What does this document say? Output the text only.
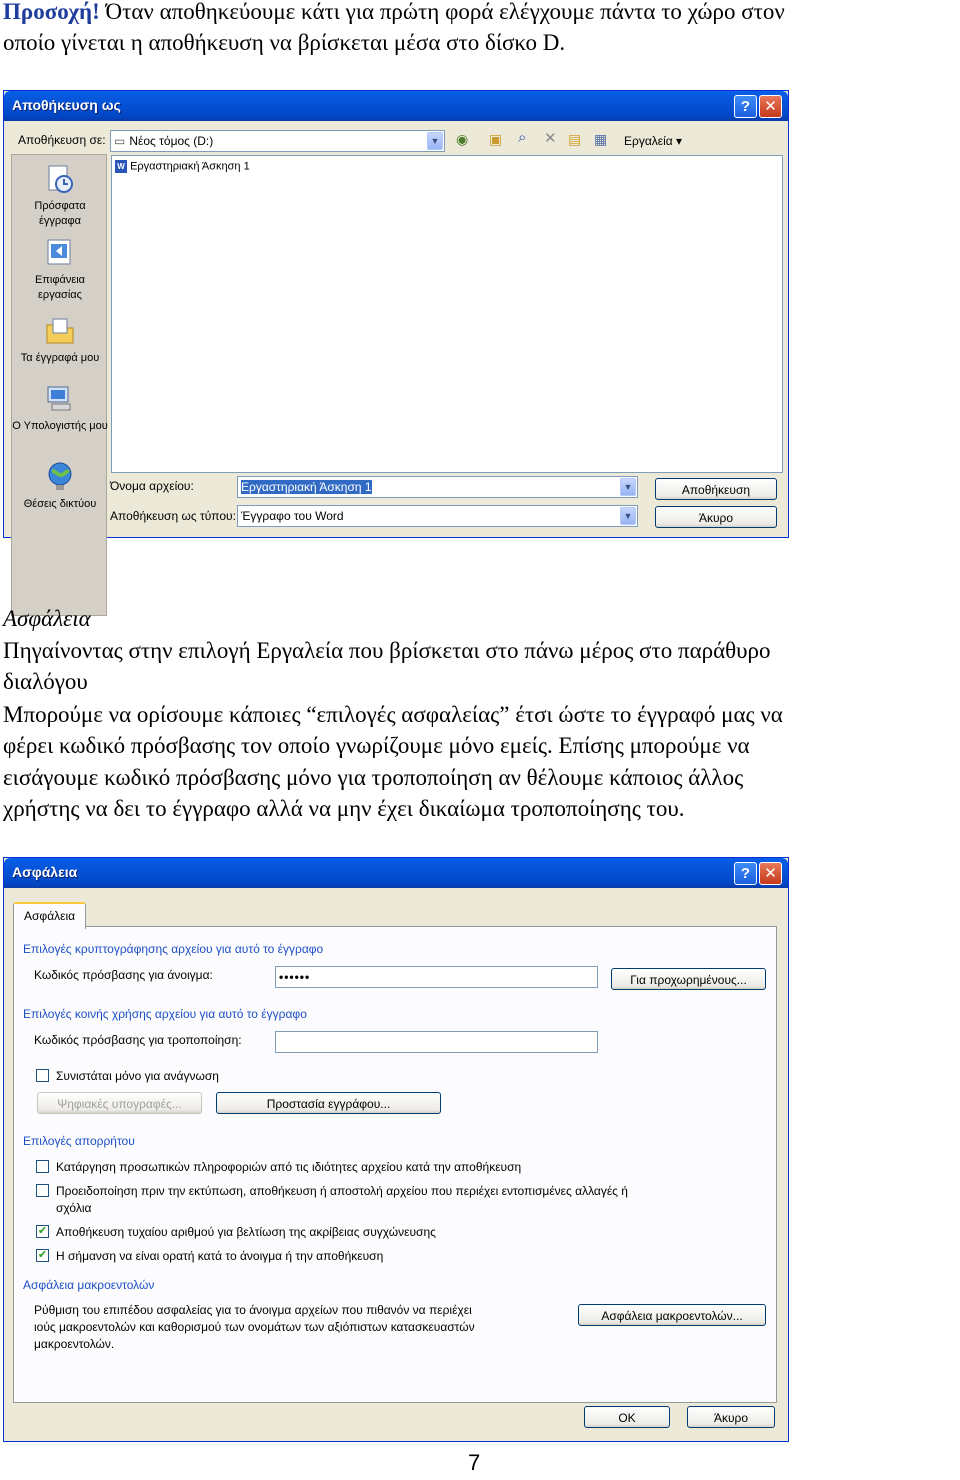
Προσοχή! Όταν αποθηκεύουμε κάτι για πρώτη φορά ελέγχουμε πάντα το χώρο στον
οποίο γίνεται η αποθήκευση να βρίσκεται μέσα στο δίσκο D.
Αποθήκευση ως	? ✕
Αποθήκευση σε: ▭ Νέος τόμος (D:)	▼ ◉ ▣ ⌕ ✕ ▤ ▦ Εργαλεία ▾
Πρόσφατα έγγραφα
Επιφάνεια εργασίας
Τα έγγραφά μου
Ο Υπολογιστής μου
Θέσεις δικτύου
W Εργαστηριακή Άσκηση 1
Όνομα αρχείου:	Εργαστηριακή Άσκηση 1	▼
Αποθήκευση ως τύπου: Έγγραφο του Word	▼
Αποθήκευση
Άκυρο
Ασφάλεια
Πηγαίνοντας στην επιλογή Εργαλεία που βρίσκεται στο πάνω μέρος στο παράθυρο
διαλόγου
Μπορούμε να ορίσουμε κάποιες “επιλογές ασφαλείας” έτσι ώστε το έγγραφό μας να
φέρει κωδικό πρόσβασης τον οποίο γνωρίζουμε μόνο εμείς. Επίσης μπορούμε να
εισάγουμε κωδικό πρόσβασης μόνο για τροποποίηση αν θέλουμε κάποιος άλλος
χρήστης να δει το έγγραφο αλλά να μην έχει δικαίωμα τροποποίησης του.
Ασφάλεια	? ✕
Ασφάλεια
Επιλογές κρυπτογράφησης αρχείου για αυτό το έγγραφο
Κωδικός πρόσβασης για άνοιγμα:	••••••	Για προχωρημένους...
Επιλογές κοινής χρήσης αρχείου για αυτό το έγγραφο
Κωδικός πρόσβασης για τροποποίηση:
Συνιστάται μόνο για ανάγνωση
Ψηφιακές υπογραφές...	Προστασία εγγράφου...
Επιλογές απορρήτου
Κατάργηση προσωπικών πληροφοριών από τις ιδιότητες αρχείου κατά την αποθήκευση
Προειδοποίηση πριν την εκτύπωση, αποθήκευση ή αποστολή αρχείου που περιέχει εντοπισμένες αλλαγές ή
σχόλια
✔ Αποθήκευση τυχαίου αριθμού για βελτίωση της ακρίβειας συγχώνευσης
✔ Η σήμανση να είναι ορατή κατά το άνοιγμα ή την αποθήκευση
Ασφάλεια μακροεντολών
Ρύθμιση του επιπέδου ασφαλείας για το άνοιγμα αρχείων που πιθανόν να περιέχει
ιούς μακροεντολών και καθορισμού των ονομάτων των αξιόπιστων κατασκευαστών
μακροεντολών.
Ασφάλεια μακροεντολών...
OK	Άκυρο
7
